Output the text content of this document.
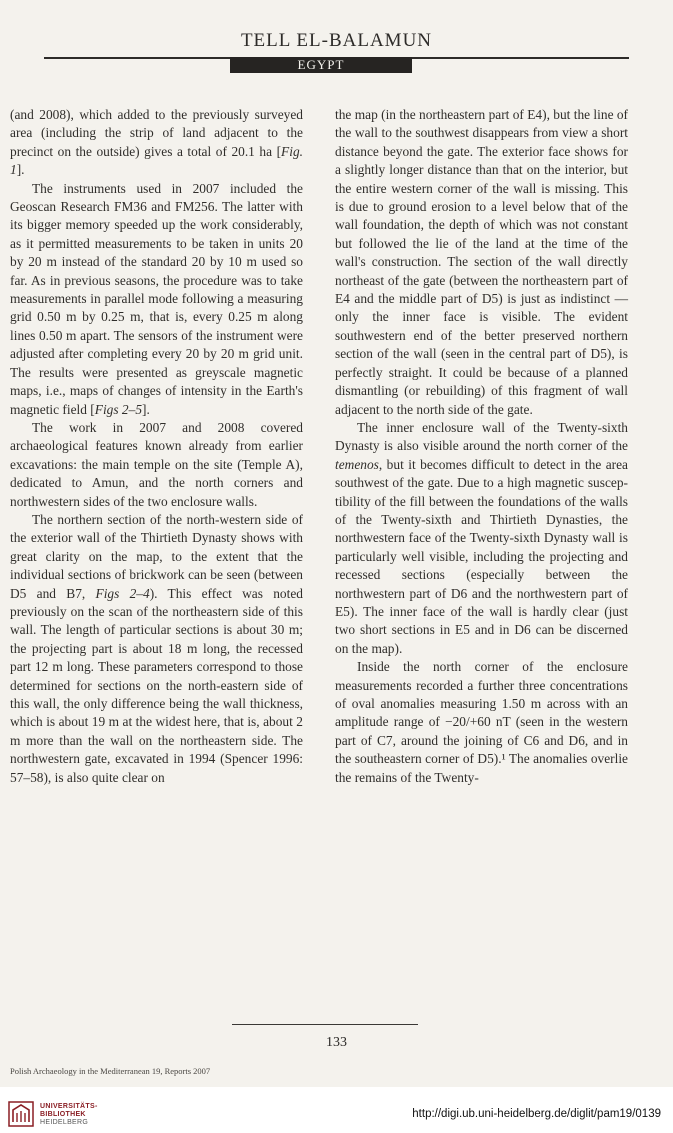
TELL EL-BALAMUN
EGYPT

(and 2008), which added to the previously surveyed area (including the strip of land adjacent to the precinct on the outside) gives a total of 20.1 ha [Fig. 1].

The instruments used in 2007 included the Geoscan Research FM36 and FM256. The latter with its bigger memory speeded up the work considerably, as it permitted measurements to be taken in units 20 by 20 m instead of the standard 20 by 10 m used so far. As in previous seasons, the procedure was to take measurements in parallel mode following a measuring grid 0.50 m by 0.25 m, that is, every 0.25 m along lines 0.50 m apart. The sensors of the instrument were adjusted after completing every 20 by 20 m grid unit. The results were presented as greyscale magnetic maps, i.e., maps of changes of intensity in the Earth's magnetic field [Figs 2–5].

The work in 2007 and 2008 covered archaeological features known already from earlier excavations: the main temple on the site (Temple A), dedicated to Amun, and the north corners and northwestern sides of the two enclosure walls.

The northern section of the north-western side of the exterior wall of the Thirtieth Dynasty shows with great clarity on the map, to the extent that the individual sections of brickwork can be seen (between D5 and B7, Figs 2–4). This effect was noted previously on the scan of the northeastern side of this wall. The length of particular sections is about 30 m; the projecting part is about 18 m long, the recessed part 12 m long. These parameters correspond to those determined for sections on the north-eastern side of this wall, the only difference being the wall thickness, which is about 19 m at the widest here, that is, about 2 m more than the wall on the northeastern side. The northwestern gate, excavated in 1994 (Spencer 1996: 57–58), is also quite clear on

the map (in the northeastern part of E4), but the line of the wall to the southwest disappears from view a short distance beyond the gate. The exterior face shows for a slightly longer distance than that on the interior, but the entire western corner of the wall is missing. This is due to ground erosion to a level below that of the wall foundation, the depth of which was not constant but followed the lie of the land at the time of the wall's construction. The section of the wall directly northeast of the gate (between the northeastern part of E4 and the middle part of D5) is just as indistinct — only the inner face is visible. The evident southwestern end of the better preserved northern section of the wall (seen in the central part of D5), is perfectly straight. It could be because of a planned dismantling (or rebuilding) of this fragment of wall adjacent to the north side of the gate.

The inner enclosure wall of the Twenty-sixth Dynasty is also visible around the north corner of the temenos, but it becomes difficult to detect in the area southwest of the gate. Due to a high magnetic suscep-tibility of the fill between the foundations of the walls of the Twenty-sixth and Thirtieth Dynasties, the northwestern face of the Twenty-sixth Dynasty wall is particularly well visible, including the projecting and recessed sections (especially between the northwestern part of D6 and the northwestern part of E5). The inner face of the wall is hardly clear (just two short sections in E5 and in D6 can be discerned on the map).

Inside the north corner of the enclosure measurements recorded a further three concentrations of oval anomalies measuring 1.50 m across with an amplitude range of −20/+60 nT (seen in the western part of C7, around the joining of C6 and D6, and in the southeastern corner of D5).¹ The anomalies overlie the remains of the Twenty-

133
Polish Archaeology in the Mediterranean 19, Reports 2007
UNIVERSITÄTS-
BIBLIOTHEK
HEIDELBERG
http://digi.ub.uni-heidelberg.de/diglit/pam19/0139
